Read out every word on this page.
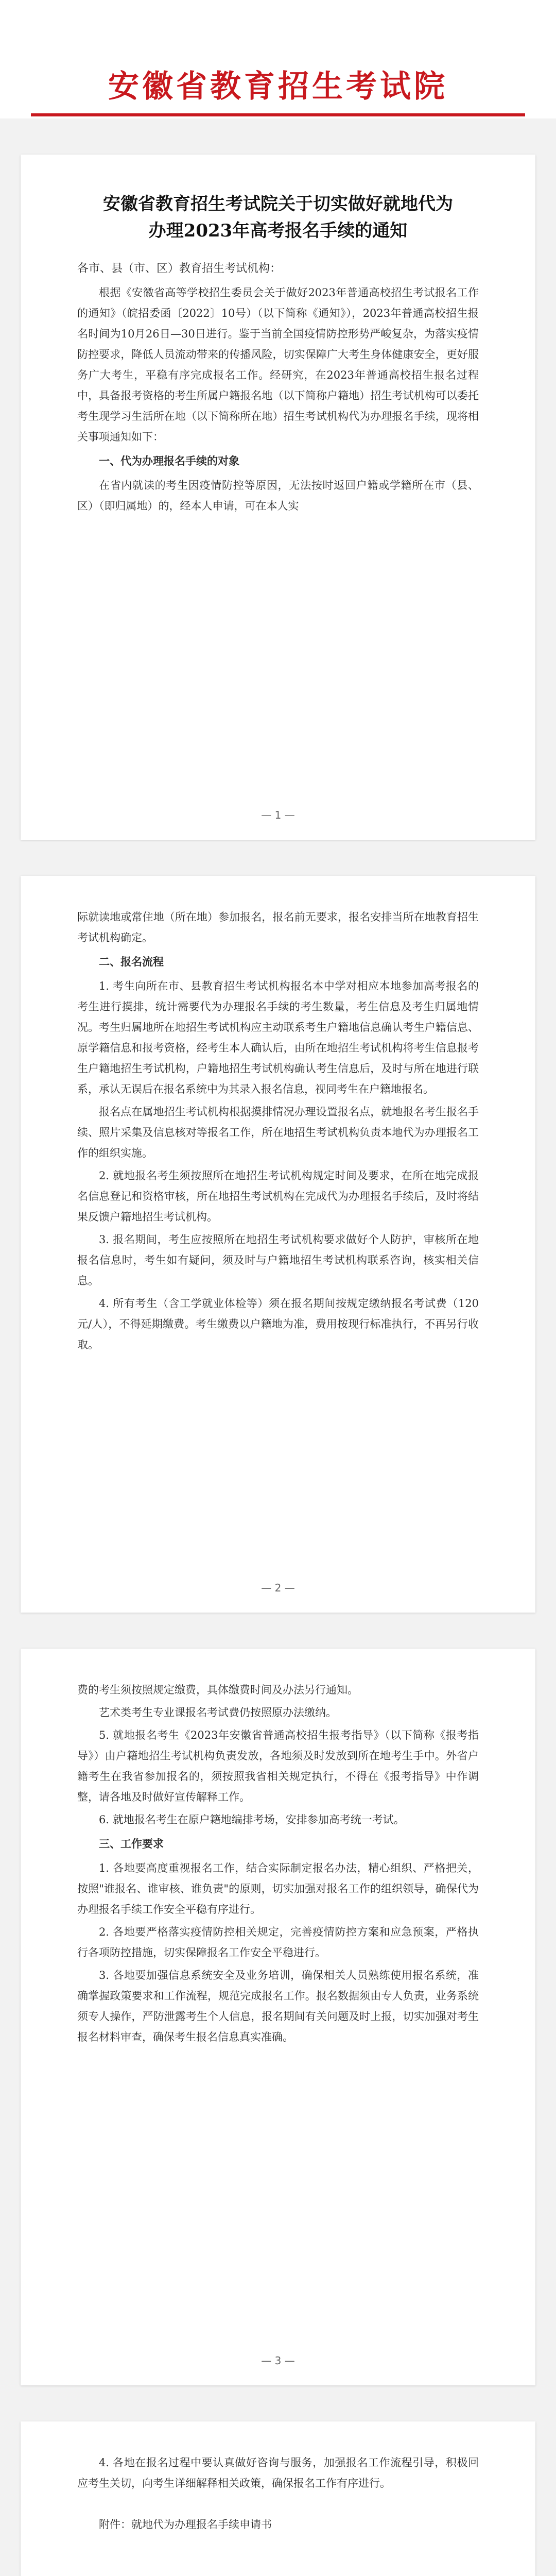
安徽省教育招生考试院

安徽省教育招生考试院关于切实做好就地代为

办理2023年高考报名手续的通知

各市、县（市、区）教育招生考试机构：

根据《安徽省高等学校招生委员会关于做好2023年普通高校招生考试报名工作的通知》（皖招委函〔2022〕10号）（以下简称《通知》），2023年普通高校招生报名时间为10月26日—30日进行。鉴于当前全国疫情防控形势严峻复杂，为落实疫情防控要求，降低人员流动带来的传播风险，切实保障广大考生身体健康安全，更好服务广大考生，平稳有序完成报名工作。经研究，在2023年普通高校招生报名过程中，具备报考资格的考生所属户籍报名地（以下简称户籍地）招生考试机构可以委托考生现学习生活所在地（以下简称所在地）招生考试机构代为办理报名手续，现将相关事项通知如下：

一、代为办理报名手续的对象

在省内就读的考生因疫情防控等原因，无法按时返回户籍或学籍所在市（县、区）（即归属地）的，经本人申请，可在本人实

— 1 —

际就读地或常住地（所在地）参加报名，报名前无要求，报名安排当所在地教育招生考试机构确定。

二、报名流程

1. 考生向所在市、县教育招生考试机构报名本中学对相应本地参加高考报名的考生进行摸排，统计需要代为办理报名手续的考生数量，考生信息及考生归属地情况。考生归属地所在地招生考试机构应主动联系考生户籍地信息确认考生户籍信息、原学籍信息和报考资格，经考生本人确认后，由所在地招生考试机构将考生信息报考生户籍地招生考试机构，户籍地招生考试机构确认考生信息后，及时与所在地进行联系，承认无误后在报名系统中为其录入报名信息，视同考生在户籍地报名。

报名点在属地招生考试机构根据摸排情况办理设置报名点，就地报名考生报名手续、照片采集及信息核对等报名工作，所在地招生考试机构负责本地代为办理报名工作的组织实施。

2. 就地报名考生须按照所在地招生考试机构规定时间及要求，在所在地完成报名信息登记和资格审核，所在地招生考试机构在完成代为办理报名手续后，及时将结果反馈户籍地招生考试机构。

3. 报名期间，考生应按照所在地招生考试机构要求做好个人防护，审核所在地报名信息时，考生如有疑问，须及时与户籍地招生考试机构联系咨询，核实相关信息。

4. 所有考生（含工学就业体检等）须在报名期间按规定缴纳报名考试费（120元/人），不得延期缴费。考生缴费以户籍地为准，费用按现行标准执行，不再另行收取。

— 2 —

费的考生须按照规定缴费，具体缴费时间及办法另行通知。

艺术类考生专业课报名考试费仍按照原办法缴纳。

5. 就地报名考生《2023年安徽省普通高校招生报考指导》（以下简称《报考指导》）由户籍地招生考试机构负责发放，各地须及时发放到所在地考生手中。外省户籍考生在我省参加报名的，须按照我省相关规定执行，不得在《报考指导》中作调整，请各地及时做好宣传解释工作。

6. 就地报名考生在原户籍地编排考场，安排参加高考统一考试。

三、工作要求

1. 各地要高度重视报名工作，结合实际制定报名办法，精心组织、严格把关，按照"谁报名、谁审核、谁负责"的原则，切实加强对报名工作的组织领导，确保代为办理报名手续工作安全平稳有序进行。

2. 各地要严格落实疫情防控相关规定，完善疫情防控方案和应急预案，严格执行各项防控措施，切实保障报名工作安全平稳进行。

3. 各地要加强信息系统安全及业务培训，确保相关人员熟练使用报名系统，准确掌握政策要求和工作流程，规范完成报名工作。报名数据须由专人负责，业务系统须专人操作，严防泄露考生个人信息，报名期间有关问题及时上报，切实加强对考生报名材料审查，确保考生报名信息真实准确。

— 3 —

4. 各地在报名过程中要认真做好咨询与服务，加强报名工作流程引导，积极回应考生关切，向考生详细解释相关政策，确保报名工作有序进行。

附件：就地代为办理报名手续申请书
